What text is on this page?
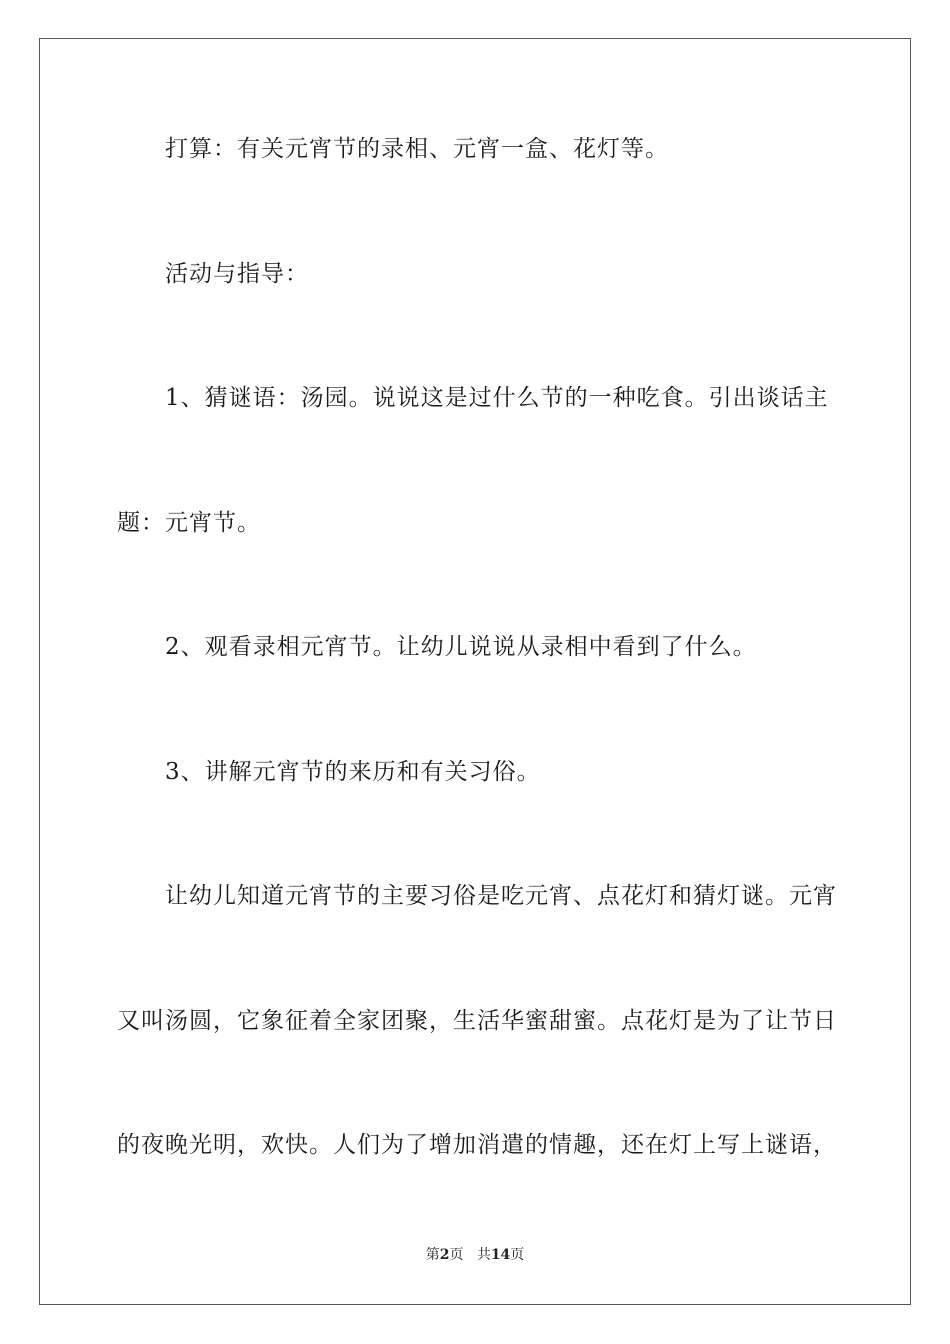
打算：有关元宵节的录相、元宵一盒、花灯等。
活动与指导：
1、猜谜语：汤园。说说这是过什么节的一种吃食。引出谈话主
题：元宵节。
2、观看录相元宵节。让幼儿说说从录相中看到了什么。
3、讲解元宵节的来历和有关习俗。
让幼儿知道元宵节的主要习俗是吃元宵、点花灯和猜灯谜。元宵
又叫汤圆，它象征着全家团聚，生活华蜜甜蜜。点花灯是为了让节日
的夜晚光明，欢快。人们为了增加消遣的情趣，还在灯上写上谜语，
第2页 共14页
